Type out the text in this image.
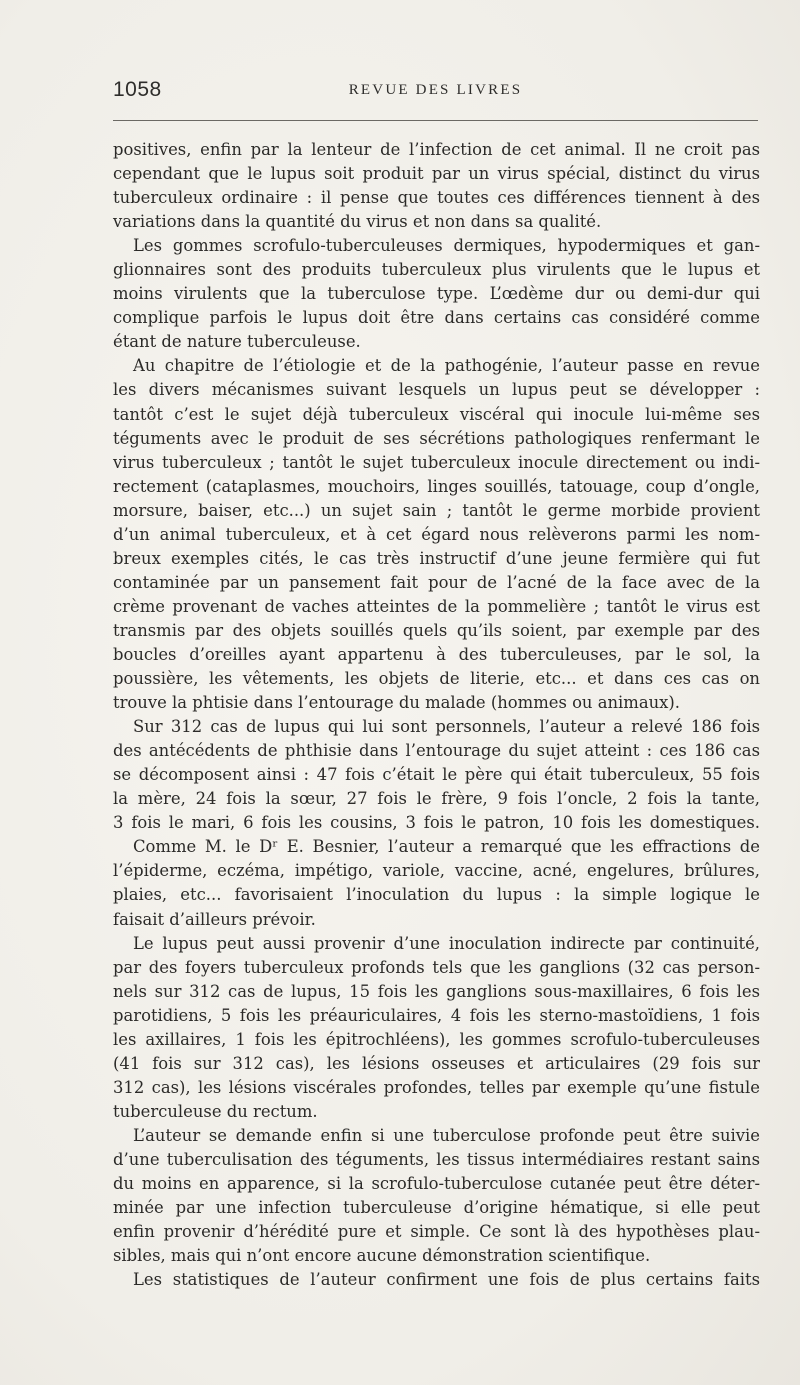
1058	REVUE DES LIVRES
positives, enfin par la lenteur de l’infection de cet animal. Il ne croit pas
cependant que le lupus soit produit par un virus spécial, distinct du virus
tuberculeux ordinaire : il pense que toutes ces différences tiennent à des
variations dans la quantité du virus et non dans sa qualité.
Les gommes scrofulo-tuberculeuses dermiques, hypodermiques et gan-
glionnaires sont des produits tuberculeux plus virulents que le lupus et
moins virulents que la tuberculose type. L’œdème dur ou demi-dur qui
complique parfois le lupus doit être dans certains cas considéré comme
étant de nature tuberculeuse.
Au chapitre de l’étiologie et de la pathogénie, l’auteur passe en revue
les divers mécanismes suivant lesquels un lupus peut se développer :
tantôt c’est le sujet déjà tuberculeux viscéral qui inocule lui-même ses
téguments avec le produit de ses sécrétions pathologiques renfermant le
virus tuberculeux ; tantôt le sujet tuberculeux inocule directement ou indi-
rectement (cataplasmes, mouchoirs, linges souillés, tatouage, coup d’ongle,
morsure, baiser, etc...) un sujet sain ; tantôt le germe morbide provient
d’un animal tuberculeux, et à cet égard nous relèverons parmi les nom-
breux exemples cités, le cas très instructif d’une jeune fermière qui fut
contaminée par un pansement fait pour de l’acné de la face avec de la
crème provenant de vaches atteintes de la pommelière ; tantôt le virus est
transmis par des objets souillés quels qu’ils soient, par exemple par des
boucles d’oreilles ayant appartenu à des tuberculeuses, par le sol, la
poussière, les vêtements, les objets de literie, etc... et dans ces cas on
trouve la phtisie dans l’entourage du malade (hommes ou animaux).
Sur 312 cas de lupus qui lui sont personnels, l’auteur a relevé 186 fois
des antécédents de phthisie dans l’entourage du sujet atteint : ces 186 cas
se décomposent ainsi : 47 fois c’était le père qui était tuberculeux, 55 fois
la mère, 24 fois la sœur, 27 fois le frère, 9 fois l’oncle, 2 fois la tante,
3 fois le mari, 6 fois les cousins, 3 fois le patron, 10 fois les domestiques.
Comme M. le Dʳ E. Besnier, l’auteur a remarqué que les effractions de
l’épiderme, eczéma, impétigo, variole, vaccine, acné, engelures, brûlures,
plaies, etc... favorisaient l’inoculation du lupus : la simple logique le
faisait d’ailleurs prévoir.
Le lupus peut aussi provenir d’une inoculation indirecte par continuité,
par des foyers tuberculeux profonds tels que les ganglions (32 cas person-
nels sur 312 cas de lupus, 15 fois les ganglions sous-maxillaires, 6 fois les
parotidiens, 5 fois les préauriculaires, 4 fois les sterno-mastoïdiens, 1 fois
les axillaires, 1 fois les épitrochléens), les gommes scrofulo-tuberculeuses
(41 fois sur 312 cas), les lésions osseuses et articulaires (29 fois sur
312 cas), les lésions viscérales profondes, telles par exemple qu’une fistule
tuberculeuse du rectum.
L’auteur se demande enfin si une tuberculose profonde peut être suivie
d’une tuberculisation des téguments, les tissus intermédiaires restant sains
du moins en apparence, si la scrofulo-tuberculose cutanée peut être déter-
minée par une infection tuberculeuse d’origine hématique, si elle peut
enfin provenir d’hérédité pure et simple. Ce sont là des hypothèses plau-
sibles, mais qui n’ont encore aucune démonstration scientifique.
Les statistiques de l’auteur confirment une fois de plus certains faits
